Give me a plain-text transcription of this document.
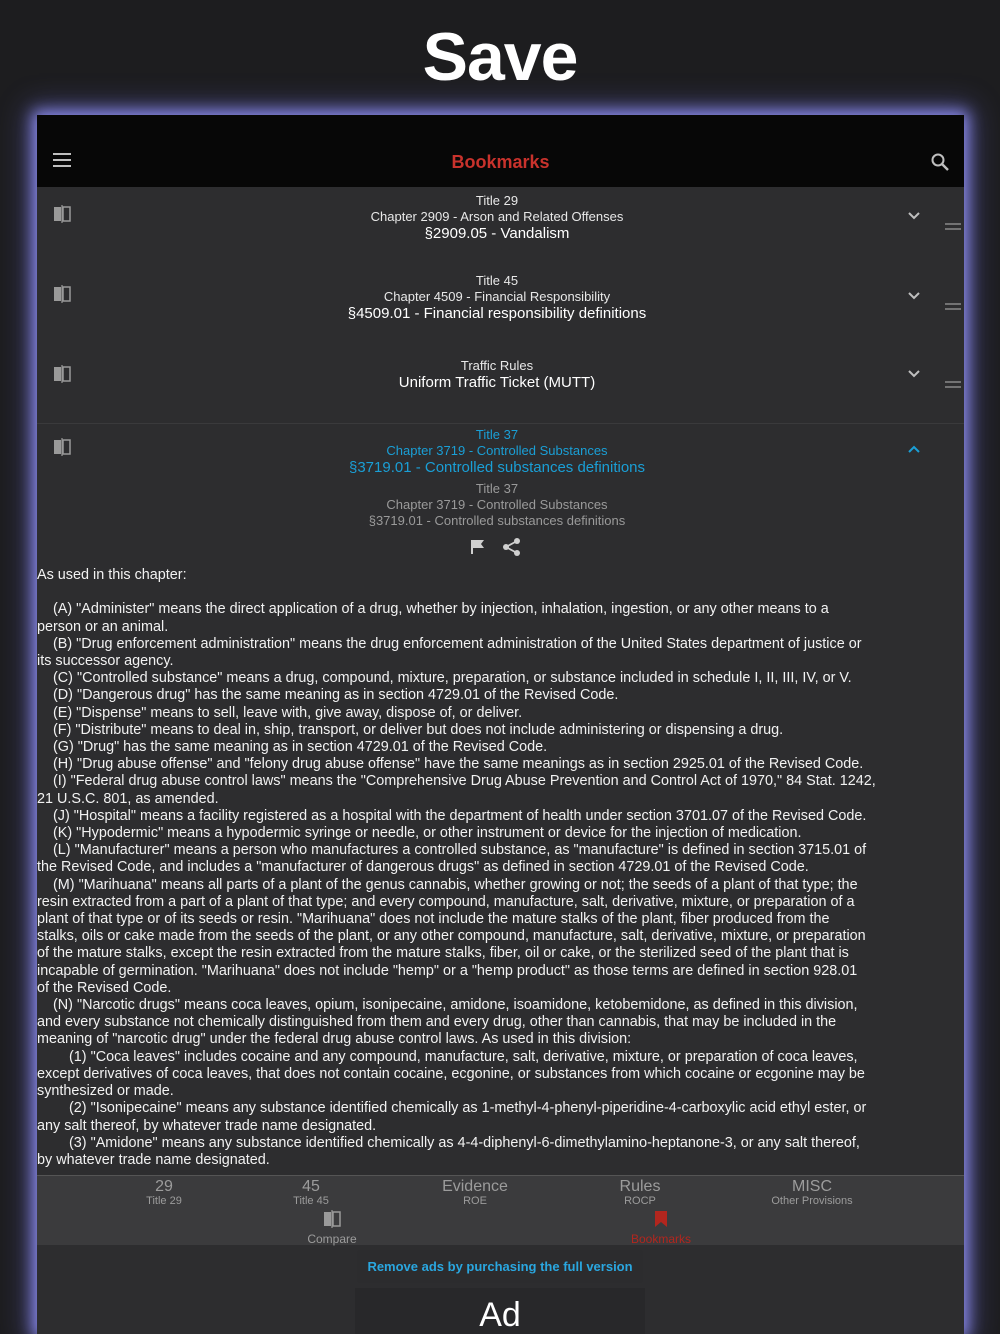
Save
Bookmarks
Title 29
Chapter 2909 - Arson and Related Offenses
§2909.05 - Vandalism
Title 45
Chapter 4509 - Financial Responsibility
§4509.01 - Financial responsibility definitions
Traffic Rules
Uniform Traffic Ticket (MUTT)
Title 37
Chapter 3719 - Controlled Substances
§3719.01 - Controlled substances definitions
Title 37
Chapter 3719 - Controlled Substances
§3719.01 - Controlled substances definitions
As used in this chapter:

(A) "Administer" means the direct application of a drug, whether by injection, inhalation, ingestion, or any other means to a
person or an animal.
(B) "Drug enforcement administration" means the drug enforcement administration of the United States department of justice or
its successor agency.
(C) "Controlled substance" means a drug, compound, mixture, preparation, or substance included in schedule I, II, III, IV, or V.
(D) "Dangerous drug" has the same meaning as in section 4729.01 of the Revised Code.
(E) "Dispense" means to sell, leave with, give away, dispose of, or deliver.
(F) "Distribute" means to deal in, ship, transport, or deliver but does not include administering or dispensing a drug.
(G) "Drug" has the same meaning as in section 4729.01 of the Revised Code.
(H) "Drug abuse offense" and "felony drug abuse offense" have the same meanings as in section 2925.01 of the Revised Code.
(I) "Federal drug abuse control laws" means the "Comprehensive Drug Abuse Prevention and Control Act of 1970," 84 Stat. 1242,
21 U.S.C. 801, as amended.
(J) "Hospital" means a facility registered as a hospital with the department of health under section 3701.07 of the Revised Code.
(K) "Hypodermic" means a hypodermic syringe or needle, or other instrument or device for the injection of medication.
(L) "Manufacturer" means a person who manufactures a controlled substance, as "manufacture" is defined in section 3715.01 of
the Revised Code, and includes a "manufacturer of dangerous drugs" as defined in section 4729.01 of the Revised Code.
(M) "Marihuana" means all parts of a plant of the genus cannabis, whether growing or not; the seeds of a plant of that type; the
resin extracted from a part of a plant of that type; and every compound, manufacture, salt, derivative, mixture, or preparation of a
plant of that type or of its seeds or resin. "Marihuana" does not include the mature stalks of the plant, fiber produced from the
stalks, oils or cake made from the seeds of the plant, or any other compound, manufacture, salt, derivative, mixture, or preparation
of the mature stalks, except the resin extracted from the mature stalks, fiber, oil or cake, or the sterilized seed of the plant that is
incapable of germination. "Marihuana" does not include "hemp" or a "hemp product" as those terms are defined in section 928.01
of the Revised Code.
(N) "Narcotic drugs" means coca leaves, opium, isonipecaine, amidone, isoamidone, ketobemidone, as defined in this division,
and every substance not chemically distinguished from them and every drug, other than cannabis, that may be included in the
meaning of "narcotic drug" under the federal drug abuse control laws. As used in this division:
(1) "Coca leaves" includes cocaine and any compound, manufacture, salt, derivative, mixture, or preparation of coca leaves,
except derivatives of coca leaves, that does not contain cocaine, ecgonine, or substances from which cocaine or ecgonine may be
synthesized or made.
(2) "Isonipecaine" means any substance identified chemically as 1-methyl-4-phenyl-piperidine-4-carboxylic acid ethyl ester, or
any salt thereof, by whatever trade name designated.
(3) "Amidone" means any substance identified chemically as 4-4-diphenyl-6-dimethylamino-heptanone-3, or any salt thereof,
by whatever trade name designated.
29
Title 29
45
Title 45
Evidence
ROE
Rules
ROCP
MISC
Other Provisions
Compare	Bookmarks
Remove ads by purchasing the full version
Ad
